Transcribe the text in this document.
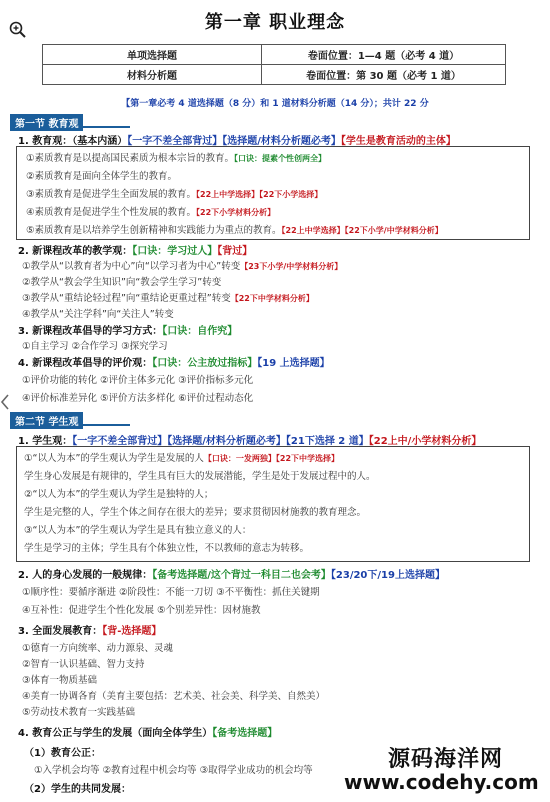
第一章 职业理念
单项选择题	卷面位置：1—4 题（必考 4 道）
材料分析题	卷面位置：第 30 题（必考 1 道）
【第一章必考 4 道选择题（8 分）和 1 道材料分析题（14 分）；共计 22 分
第一节 教育观
1. 教育观：（基本内涵）【一字不差全部背过】【选择题/材料分析题必考】【学生是教育活动的主体】
①素质教育是以提高国民素质为根本宗旨的教育。【口诀：提素个性创两全】
②素质教育是面向全体学生的教育。
③素质教育是促进学生全面发展的教育。【22上中学选择】【22下小学选择】
④素质教育是促进学生个性发展的教育。【22下小学材料分析】
⑤素质教育是以培养学生创新精神和实践能力为重点的教育。【22上中学选择】【22下小学/中学材料分析】
2. 新课程改革的教学观：【口诀：学习过人】【背过】
①教学从“以教育者为中心”向“以学习者为中心”转变【23下小学/中学材料分析】
②教学从“教会学生知识”向“教会学生学习”转变
③教学从“重结论轻过程”向“重结论更重过程”转变【22下中学材料分析】
④教学从“关注学科”向“关注人”转变
3. 新课程改革倡导的学习方式：【口诀：自作究】
①自主学习 ②合作学习 ③探究学习
4. 新课程改革倡导的评价观：【口诀：公主放过指标】【19 上选择题】
①评价功能的转化 ②评价主体多元化 ③评价指标多元化
④评价标准差异化 ⑤评价方法多样化 ⑥评价过程动态化
第二节 学生观
1. 学生观：【一字不差全部背过】【选择题/材料分析题必考】【21下选择 2 道】【22上中/小学材料分析】
①“以人为本”的学生观认为学生是发展的人【口诀：一发两独】【22下中学选择】
学生身心发展是有规律的，学生具有巨大的发展潜能，学生是处于发展过程中的人。
②“以人为本”的学生观认为学生是独特的人；
学生是完整的人，学生个体之间存在很大的差异；要求贯彻因材施教的教育理念。
③“以人为本”的学生观认为学生是具有独立意义的人：
学生是学习的主体；学生具有个体独立性，不以教师的意志为转移。
2. 人的身心发展的一般规律：【备考选择题/这个背过一科目二也会考】【23/20下/19上选择题】
①顺序性：要循序渐进 ②阶段性：不能一刀切 ③不平衡性：抓住关键期
④互补性：促进学生个性化发展 ⑤个别差异性：因材施教
3. 全面发展教育：【背-选择题】
①德育一方向统率、动力源泉、灵魂
②智育一认识基础、智力支持
③体育一物质基础
④美育一协调各育（美育主要包括：艺术美、社会美、科学美、自然美）
⑤劳动技术教育一实践基础
4. 教育公正与学生的发展（面向全体学生）【备考选择题】
（1）教育公正：
①入学机会均等 ②教育过程中机会均等 ③取得学业成功的机会均等
（2）学生的共同发展：
源码海洋网
www.codehy.com
